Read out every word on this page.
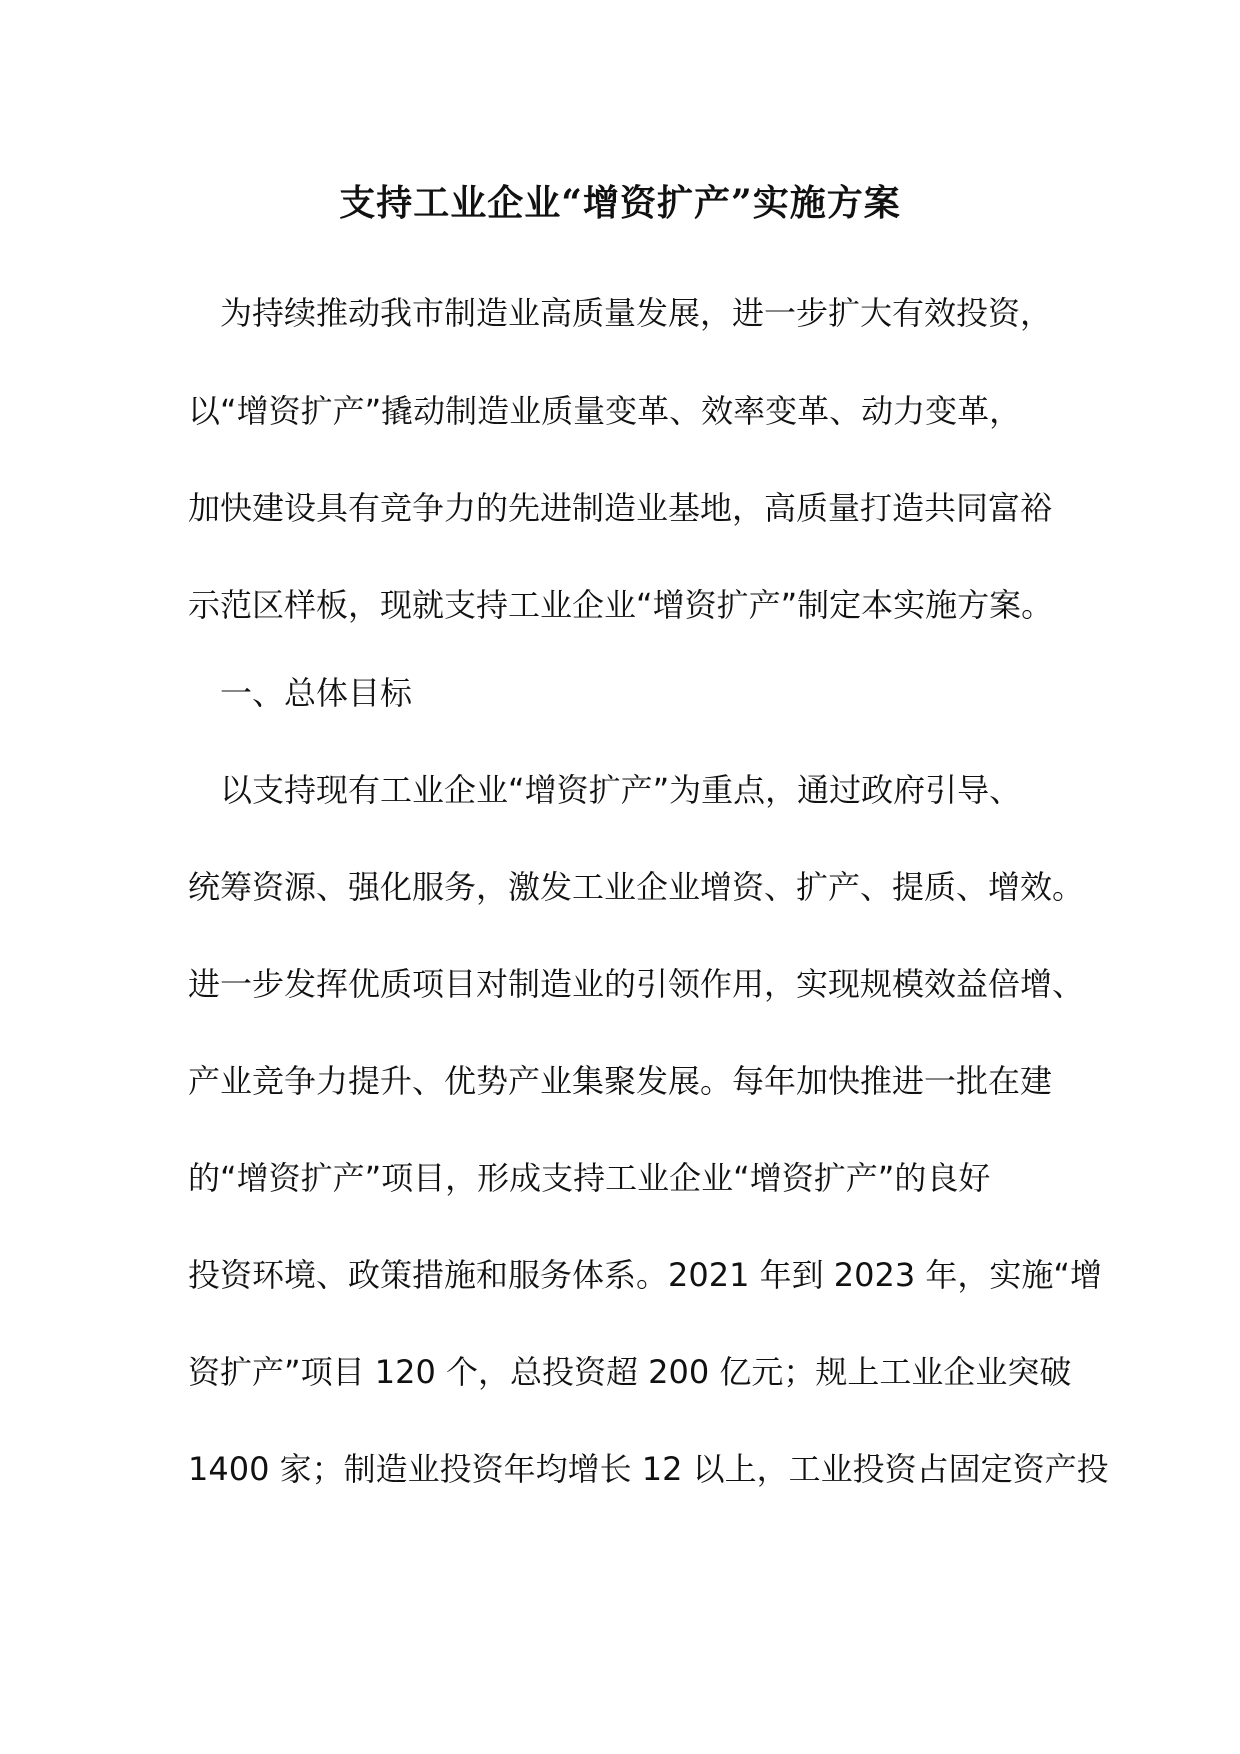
支持工业企业“增资扩产”实施方案
　为持续推动我市制造业高质量发展，进一步扩大有效投资，
以“增资扩产”撬动制造业质量变革、效率变革、动力变革，
加快建设具有竞争力的先进制造业基地，高质量打造共同富裕
示范区样板，现就支持工业企业“增资扩产”制定本实施方案。
　一、总体目标
　以支持现有工业企业“增资扩产”为重点，通过政府引导、
统筹资源、强化服务，激发工业企业增资、扩产、提质、增效。
进一步发挥优质项目对制造业的引领作用，实现规模效益倍增、
产业竞争力提升、优势产业集聚发展。每年加快推进一批在建
的“增资扩产”项目，形成支持工业企业“增资扩产”的良好
投资环境、政策措施和服务体系。2021 年到 2023 年，实施“增
资扩产”项目 120 个，总投资超 200 亿元；规上工业企业突破
1400 家；制造业投资年均增长 12 以上，工业投资占固定资产投
